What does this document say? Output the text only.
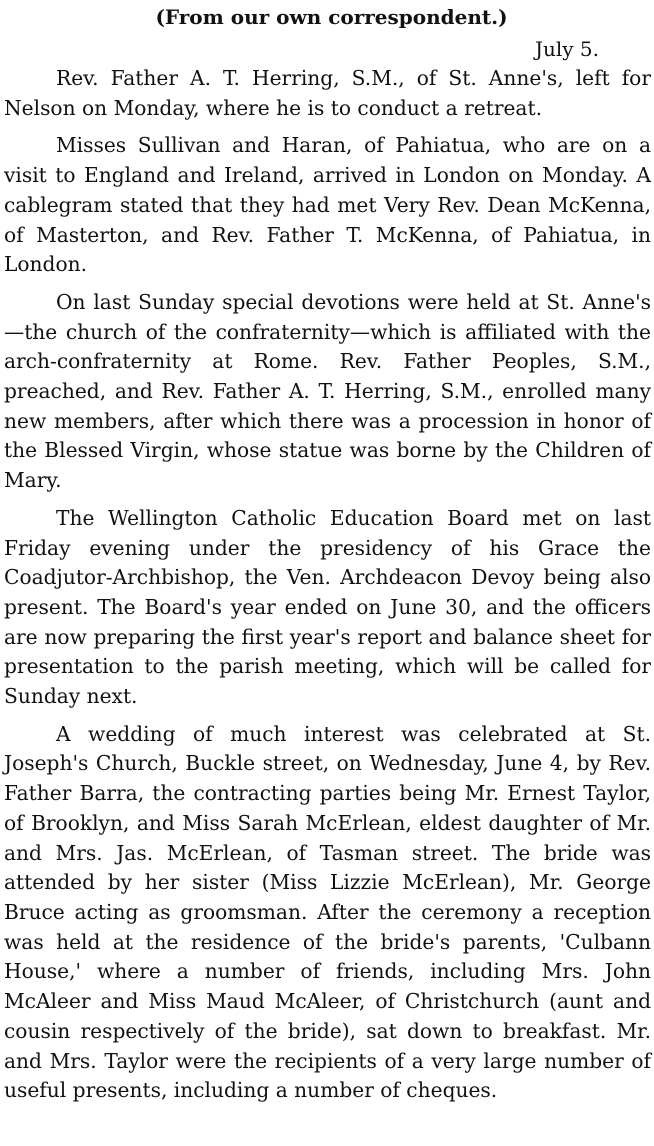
(From our own correspondent.)
July 5.

Rev. Father A. T. Herring, S.M., of St. Anne's, left for Nelson on Monday, where he is to conduct a retreat.

Misses Sullivan and Haran, of Pahiatua, who are on a visit to England and Ireland, arrived in London on Monday. A cablegram stated that they had met Very Rev. Dean McKenna, of Masterton, and Rev. Father T. McKenna, of Pahiatua, in London.

On last Sunday special devotions were held at St. Anne's—the church of the confraternity—which is affiliated with the arch-confraternity at Rome. Rev. Father Peoples, S.M., preached, and Rev. Father A. T. Herring, S.M., enrolled many new members, after which there was a procession in honor of the Blessed Virgin, whose statue was borne by the Children of Mary.

The Wellington Catholic Education Board met on last Friday evening under the presidency of his Grace the Coadjutor-Archbishop, the Ven. Archdeacon Devoy being also present. The Board's year ended on June 30, and the officers are now preparing the first year's report and balance sheet for presentation to the parish meeting, which will be called for Sunday next.

A wedding of much interest was celebrated at St. Joseph's Church, Buckle street, on Wednesday, June 4, by Rev. Father Barra, the contracting parties being Mr. Ernest Taylor, of Brooklyn, and Miss Sarah McErlean, eldest daughter of Mr. and Mrs. Jas. McErlean, of Tasman street. The bride was attended by her sister (Miss Lizzie McErlean), Mr. George Bruce acting as groomsman. After the ceremony a reception was held at the residence of the bride's parents, 'Culbann House,' where a number of friends, including Mrs. John McAleer and Miss Maud McAleer, of Christchurch (aunt and cousin respectively of the bride), sat down to breakfast. Mr. and Mrs. Taylor were the recipients of a very large number of useful presents, including a number of cheques.
